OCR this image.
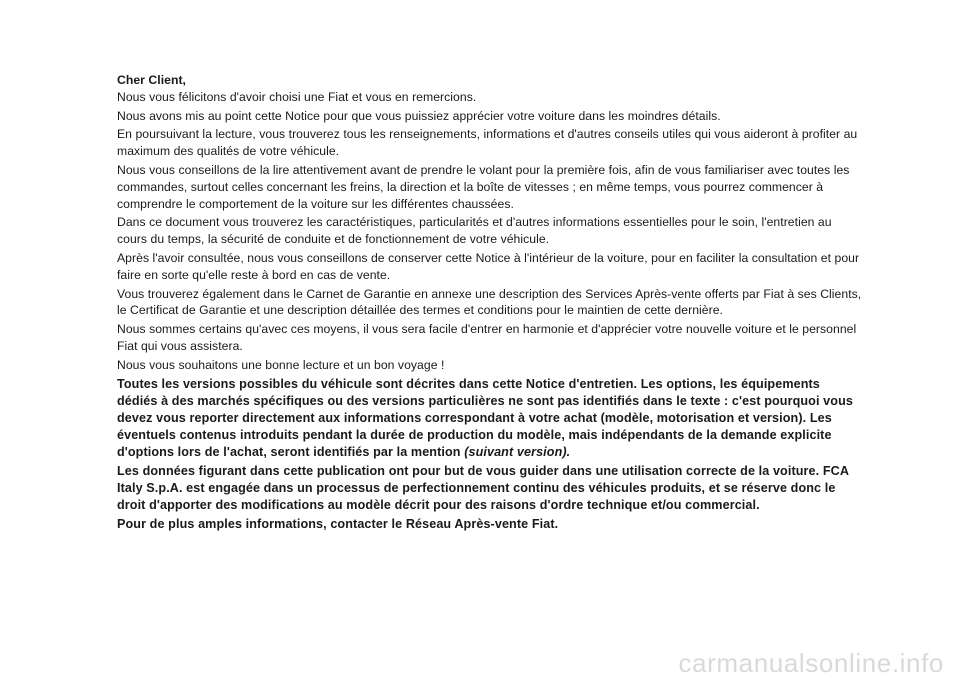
Cher Client,

Nous vous félicitons d'avoir choisi une Fiat et vous en remercions.

Nous avons mis au point cette Notice pour que vous puissiez apprécier votre voiture dans les moindres détails.

En poursuivant la lecture, vous trouverez tous les renseignements, informations et d'autres conseils utiles qui vous aideront à profiter au maximum des qualités de votre véhicule.

Nous vous conseillons de la lire attentivement avant de prendre le volant pour la première fois, afin de vous familiariser avec toutes les commandes, surtout celles concernant les freins, la direction et la boîte de vitesses ; en même temps, vous pourrez commencer à comprendre le comportement de la voiture sur les différentes chaussées.

Dans ce document vous trouverez les caractéristiques, particularités et d'autres informations essentielles pour le soin, l'entretien au cours du temps, la sécurité de conduite et de fonctionnement de votre véhicule.

Après l'avoir consultée, nous vous conseillons de conserver cette Notice à l'intérieur de la voiture, pour en faciliter la consultation et pour faire en sorte qu'elle reste à bord en cas de vente.

Vous trouverez également dans le Carnet de Garantie en annexe une description des Services Après-vente offerts par Fiat à ses Clients, le Certificat de Garantie et une description détaillée des termes et conditions pour le maintien de cette dernière.

Nous sommes certains qu'avec ces moyens, il vous sera facile d'entrer en harmonie et d'apprécier votre nouvelle voiture et le personnel Fiat qui vous assistera.

Nous vous souhaitons une bonne lecture et un bon voyage !

Toutes les versions possibles du véhicule sont décrites dans cette Notice d'entretien. Les options, les équipements dédiés à des marchés spécifiques ou des versions particulières ne sont pas identifiés dans le texte : c'est pourquoi vous devez vous reporter directement aux informations correspondant à votre achat (modèle, motorisation et version). Les éventuels contenus introduits pendant la durée de production du modèle, mais indépendants de la demande explicite d'options lors de l'achat, seront identifiés par la mention (suivant version).

Les données figurant dans cette publication ont pour but de vous guider dans une utilisation correcte de la voiture. FCA Italy S.p.A. est engagée dans un processus de perfectionnement continu des véhicules produits, et se réserve donc le droit d'apporter des modifications au modèle décrit pour des raisons d'ordre technique et/ou commercial.

Pour de plus amples informations, contacter le Réseau Après-vente Fiat.

carmanualsonline.info
